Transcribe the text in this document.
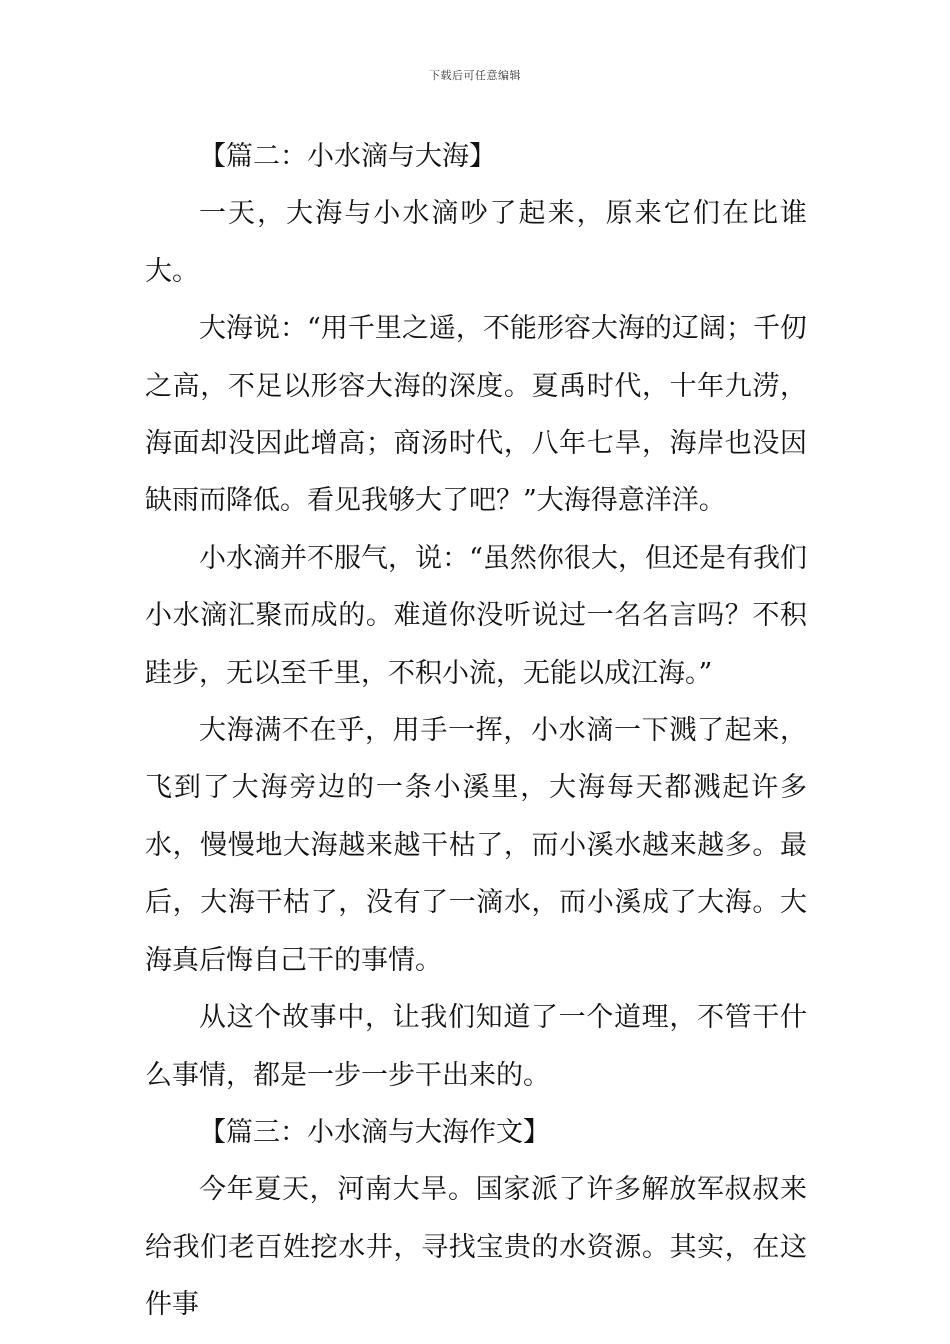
下载后可任意编辑
【篇二：小水滴与大海】
一天，大海与小水滴吵了起来，原来它们在比谁大。
大海说：“用千里之遥，不能形容大海的辽阔；千仞之高，不足以形容大海的深度。夏禹时代，十年九涝，海面却没因此增高；商汤时代，八年七旱，海岸也没因缺雨而降低。看见我够大了吧？”大海得意洋洋。
小水滴并不服气，说：“虽然你很大，但还是有我们小水滴汇聚而成的。难道你没听说过一名名言吗？不积跬步，无以至千里，不积小流，无能以成江海。”
大海满不在乎，用手一挥，小水滴一下溅了起来，飞到了大海旁边的一条小溪里，大海每天都溅起许多水，慢慢地大海越来越干枯了，而小溪水越来越多。最后，大海干枯了，没有了一滴水，而小溪成了大海。大海真后悔自己干的事情。
从这个故事中，让我们知道了一个道理，不管干什么事情，都是一步一步干出来的。
【篇三：小水滴与大海作文】
今年夏天，河南大旱。国家派了许多解放军叔叔来给我们老百姓挖水井，寻找宝贵的水资源。其实，在这件事
